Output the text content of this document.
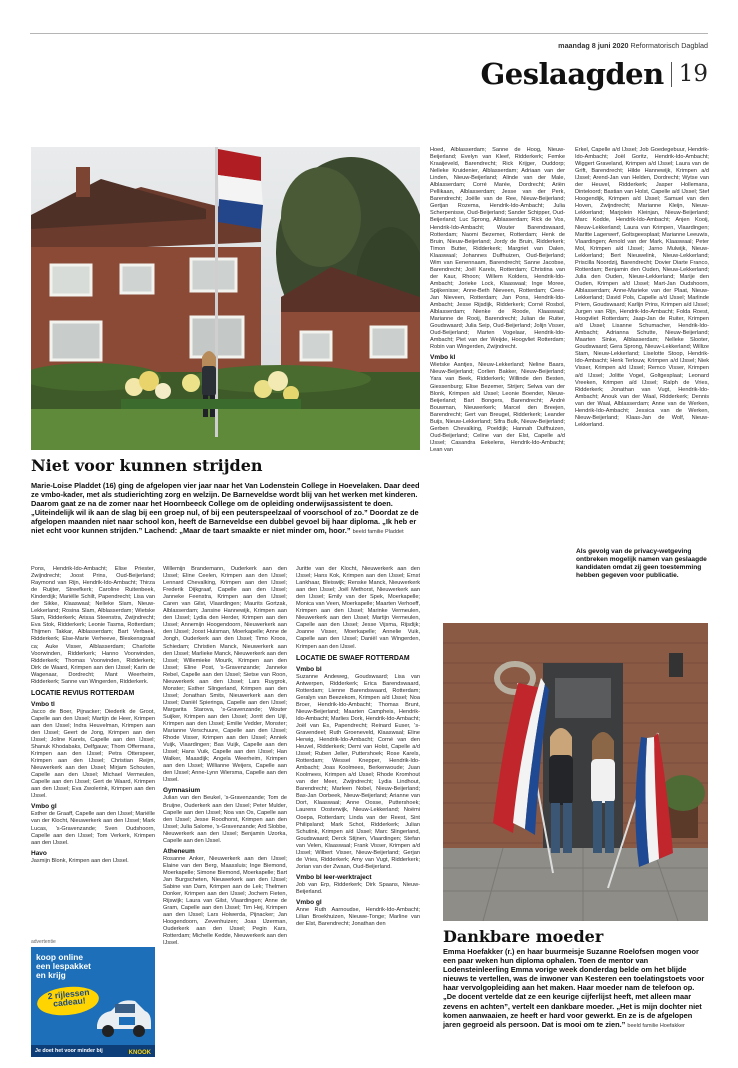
maandag 8 juni 2020 Reformatorisch Dagblad
Geslaagden 19
Niet voor kunnen strijden

Marie-Loise Pladdet (16) ging de afgelopen vier jaar naar het Van Lodenstein College in Hoevelaken. Daar deed ze vmbo-kader, met als studierichting zorg en welzijn. De Barneveldse wordt blij van het werken met kinderen. Daarom gaat ze na de zomer naar het Hoornbeeck College om de opleiding onderwijsassistent te doen. „Uiteindelijk wil ik aan de slag bij een groep nul, of bij een peuterspeelzaal of voorschool of zo.” Doordat ze de afgelopen maanden niet naar school kon, heeft de Barneveldse een dubbel gevoel bij haar diploma. „Ik heb er niet echt voor kunnen strijden.” Lachend: „Maar de taart smaakte er niet minder om, hoor.” beeld familie Pladdet

Pons, Hendrik-Ido-Ambacht; Elise Priester, Zwijndrecht; Joost Prins, Oud-Beijerland; Raymond van Rijn, Hendrik-Ido-Ambacht; Thirza de Ruijter, Streefkerk; Caroline Ruitenbeek, Kinderdijk; Mariëlle Schilt, Papendrecht; Lisa van der Sikke, Klaaswaal; Nelleke Slam, Nieuw-Lekkerland; Rosina Slam, Alblasserdam; Wietske Slam, Ridderkerk; Arissa Steenstra, Zwijndrecht; Eva Stok, Ridderkerk; Leonie Tasma, Rotterdam; Thijmen Takkar, Alblasserdam; Bart Verbaek, Ridderkerk; Else-Marie Verheeve, Bleskensgraaf ca; Auke Visser, Alblasserdam; Charlotte Voorwinden, Ridderkerk; Hanno Voorwinden, Ridderkerk; Thomas Voorwinden, Ridderkerk; Dirk de Waard, Krimpen aan den IJssel; Karin de Wagenaar, Dordrecht; Mant Weerheim, Ridderkerk; Sanne van Wingerden, Ridderkerk.

LOCATIE REVIUS ROTTERDAM
Vmbo tl

Jacco de Boer, Pijnacker; Diederik de Groot, Capelle aan den IJssel; Martijn de Heer, Krimpen aan den IJssel; Indra Heuvelman, Krimpen aan den IJssel; Geert de Jong, Krimpen aan den IJssel; Joline Karels, Capelle aan den IJssel; Shanuk Khodabaks, Delfgauw; Thom Offermans, Krimpen aan den IJssel; Petra Otterspeer, Krimpen aan den IJssel; Christian Reijm, Nieuwerkerk aan den IJssel; Mirjam Schouten, Capelle aan den IJssel; Michael Vermeulen, Capelle aan den IJssel; Gert de Waard, Krimpen aan den IJssel; Eva Zwolerink, Krimpen aan den IJssel.

Vmbo gl

Esther de Graaff, Capelle aan den IJssel; Mariëlle van der Klocht, Nieuwerkerk aan den IJssel; Mark Lucas, 's-Gravenzande; Sven Oudshoorn, Capelle aan den IJssel; Tom Verkerk, Krimpen aan den IJssel.

Havo

Jasmijn Blonk, Krimpen aan den IJssel.

advertentie
koop online een lespakket en krijg
2 rijlessen cadeau!
Je doet het voor minder bij	KNOOK

Willemijn Brandemann, Ouderkerk aan den IJssel; Eline Ceelen, Krimpen aan den IJssel; Lennard Chevalking, Krimpen aan den IJssel; Frederik Dijkgraaf, Capelle aan den IJssel; Janneke Feenstra, Krimpen aan den IJssel; Caren van Gilst, Vlaardingen; Maurits Gortzak, Alblasserdam; Jansine Hannewijk, Krimpen aan den IJssel; Lydia den Herder, Krimpen aan den IJssel; Annemijn Hoogendoorn, Nieuwerkerk aan den IJssel; Joost Huisman, Moerkapelle; Anne de Jongh, Ouderkerk aan den IJssel; Timo Kroos, Schiedam; Christien Manck, Nieuwerkerk aan den IJssel; Marlieke Manck, Nieuwerkerk aan den IJssel; Willemieke Mourik, Krimpen aan den IJssel; Eline Post, 's-Gravenzande; Janneke Rebel, Capelle aan den IJssel; Sietse van Roon, Nieuwerkerk aan den IJssel; Lars Ruygrok, Monster; Esther Slingerland, Krimpen aan den IJssel; Jonathan Smits, Nieuwerkerk aan den IJssel; Daniël Spieringa, Capelle aan den IJssel; Margarita Starova, 's-Gravenzande; Wouter Suijker, Krimpen aan den IJssel; Jorrit den Uijl, Krimpen aan den IJssel; Emilie Vedder, Monster; Marianne Verschuure, Capelle aan den IJssel; Rhode Visser, Krimpen aan den IJssel; Anniek Vuijk, Vlaardingen; Bas Vuijk, Capelle aan den IJssel; Hans Vuik, Capelle aan den IJssel; Han Walker, Maasdijk; Angela Weerheim, Krimpen aan den IJssel; Willianne Weijers, Capelle aan den IJssel; Anne-Lynn Wiersma, Capelle aan den IJssel.

Gymnasium

Julian van den Beukel, 's-Gravenzande; Tom de Bruijne, Ouderkerk aan den IJssel; Peter Mulder, Capelle aan den IJssel; Noa van Os, Capelle aan den IJssel; Jesse Roodhorst, Krimpen aan den IJssel; Julia Salome, 's-Gravenzande; Ard Slobbe, Nieuwerkerk aan den IJssel; Benjamin Uzorka, Capelle aan den IJssel.

Atheneum

Rosanne Anker, Nieuwerkerk aan den IJssel; Elaine van den Berg, Maassluis; Inge Biemond, Moerkapelle; Simone Biemond, Moerkapelle; Bart Jan Burgscheten, Nieuwerkerk aan den IJssel; Sabine van Dam, Krimpen aan de Lek; Thelmen Donker, Krimpen aan den IJssel; Jochem Fieten, Rijswijk; Laura van Gilst, Vlaardingen; Anne de Gram, Capelle aan den IJssel; Tim Hej, Krimpen aan den IJssel; Lars Holwerda, Pijnacker; Jan Hoogendoorn, Zevenhuizen; Joas IJzerman, Ouderkerk aan den IJssel; Pegin Kars, Rotterdam; Michelle Kedde, Nieuwerkerk aan den IJssel.

Juritte van der Klocht, Nieuwerkerk aan den IJssel; Hans Kok, Krimpen aan den IJssel; Ernst Lankhaar, Bleiswijk; Renske Manck, Nieuwerkerk aan den IJssel; Joël Methorst, Nieuwerkerk aan den IJssel; Emily van der Spek, Moerkapelle; Monica van Veen, Moerkapelle; Maarten Verhoeff, Krimpen aan den IJssel; Marinke Vermeulen, Nieuwerkerk aan den IJssel; Martijn Vermeulen, Capelle aan den IJssel; Jesse Vijsma, Rijsdijk; Joanne Visser, Moerkapelle; Annelie Vuik, Capelle aan den IJssel; Daniël van Wingerden, Krimpen aan den IJssel.

LOCATIE DE SWAEF ROTTERDAM
Vmbo bl

Suzanne Andeweg, Goudswaard; Lisa van Antwerpen, Ridderkerk; Erica Barendswaard, Rotterdam; Lienne Barendswaard, Rotterdam; Geralyn van Beezekom, Krimpen a/d IJssel; Noa Broer, Hendrik-Ido-Ambacht; Thomas Brunt, Nieuw-Beijerland; Maarten Campheis, Hendrik-Ido-Ambacht; Marlies Dork, Hendrik-Ido-Ambacht; Joël van Es, Papendrecht; Reinard Euser, 's-Gravendeel; Ruth Groeneveld, Klaaswaal; Eline Herwig, Hendrik-Ido-Ambacht; Corné van den Heuvel, Ridderkerk; Demi van Holst, Capelle a/d IJssel; Ruben Jelier, Puttershoek; Rose Karels, Rotterdam; Wessel Knepper, Hendrik-Ido-Ambacht; Joas Koolmees, Berkenwoude; Juan Koolmees, Krimpen a/d IJssel; Rhode Kromhout van der Meer, Zwijndrecht; Lydia Lindhout, Barendrecht; Marleen Nobel, Nieuw-Beijerland; Bas-Jan Oorbeek, Nieuw-Beijerland; Arianne van Dort, Klaaswaal; Anne Oosse, Puttershoek; Laurens Oosterwijk, Nieuw-Lekkerland; Noëmi Ooepa, Rotterdam; Linda van der Reest, Sint Philipsland; Mark Schot, Ridderkerk; Julian Schutink, Krimpen a/d IJssel; Marc Slingerland, Goudswaard; Derck Stijnen, Vlaardingen; Stefan van Velen, Klaaswaal; Frank Visser, Krimpen a/d IJssel; Wilbert Visser, Nieuw-Beijerland; Gerjan de Vries, Ridderkerk; Amy van Vugt, Ridderkerk; Jorian van der Zwaan, Oud-Beijerland.

Vmbo bl leer-werktraject

Job van Erp, Ridderkerk; Dirk Spaans, Nieuw-Beijerland.

Vmbo gl

Anne Ruth Aarnoudse, Hendrik-Ido-Ambacht; Lilian Broekhuizen, Nieuwe-Tonge; Marline van der Elst, Barendrecht; Jonathan den

Hoed, Alblasserdam; Sanne de Hoog, Nieuw-Beijerland; Evelyn van Kleef, Ridderkerk; Femke Kraaijeveld, Barendrecht; Rick Krijger, Ouddorp; Nelleke Kruidenier, Alblasserdam; Adriaan van der Linden, Nieuw-Beijerland; Alinde van der Male, Alblasserdam; Corré Marée, Dordrecht; Ariën Pellikaan, Alblasserdam; Jesse van der Perk, Barendrecht; Joëlle van de Ree, Nieuw-Beijerland; Gertjan Rozema, Hendrik-Ido-Ambacht; Julia Scherpenisse, Oud-Beijerland; Sander Schipper, Oud-Beijerland; Luc Sprong, Alblasserdam; Rick de Vos, Hendrik-Ido-Ambacht; Wouter Barendswaard, Rotterdam; Naomi Bezemer, Rotterdam; Henk de Bruin, Nieuw-Beijerland; Jordy de Bruin, Ridderkerk; Timon Butter, Ridderkerk; Margriet van Dalen, Klaaswaal; Johannes Dulfhuizen, Oud-Beijerland; Wim van Eenennaam, Barendrecht; Sanne Jacobse, Barendrecht; Joël Karels, Rotterdam; Christina van der Kaur, Rhoon; Willem Kolders, Hendrik-Ido-Ambacht; Jorieke Lock, Klaaswaal; Inge Moree, Spijkenisse; Anne-Beth Nieveen, Rotterdam; Cees-Jan Nieveen, Rotterdam; Jan Pons, Hendrik-Ido-Ambacht; Jesse Rijsdijk, Ridderkerk; Corné Rosbol, Alblasserdam; Nienke de Roode, Klaaswaal; Marianne de Rooij, Barendrecht; Julian de Ruiter, Goudswaard; Julia Seip, Oud-Beijerland; Jolijn Visser, Oud-Beijerland; Marten Vogelaar, Hendrik-Ido-Ambacht; Piet van der Weijde, Hoogvliet Rotterdam; Robin van Wingerden, Zwijndrecht.

Vmbo kl

Wietske Aantjes, Nieuw-Lekkerland; Neline Baars, Nieuw-Beijerland; Corlien Bakker, Nieuw-Beijerland; Yara van Beek, Ridderkerk; Willinde den Besten, Giessenburg; Elise Bezemer, Strijen; Selwa van der Blonk, Krimpen a/d IJssel; Leonie Boender, Nieuw-Beijerland; Bart Bongers, Barendrecht; André Bouwman, Nieuwerkerk; Marcel den Breejen, Barendrecht; Gert van Breugel, Ridderkerk; Leander Buijs, Nieuw-Lekkerland; Sifra Bulk, Nieuw-Beijerland; Gerben Chevalking, Poeldijk; Hannah Dulfhuizen, Oud-Beijerland; Celine van der Elst, Capelle a/d IJssel; Casandra Eekelens, Hendrik-Ido-Ambacht; Lean van

Erkel, Capelle a/d IJssel; Job Goedegebuur, Hendrik-Ido-Ambacht; Joël Goritz, Hendrik-Ido-Ambacht; Wiggert Graveland, Krimpen a/d IJssel; Laura van de Grift, Barendrecht; Hilde Hannewijk, Krimpen a/d IJssel; Arend-Jan van Helden, Dordrecht; Wytse van der Heuvel, Ridderkerk; Jasper Hollemans, Dinteloord; Bastian van Holst, Capelle a/d IJssel; Stef Hoogendijk, Krimpen a/d IJssel; Samuel van den Hoven, Zwijndrecht; Marianne Kleijn, Nieuw-Lekkerland; Marjolein Kleinjan, Nieuw-Beijerland; Marc Kodde, Hendrik-Ido-Ambacht; Anjen Kooij, Nieuw-Lekkerland; Laura van Krimpen, Vlaardingen; Maritte Lagerwerf, Goltsgeesplaat; Marianne Leeuwis, Vlaardingen; Arnold van der Mark, Klaaswaal; Peter Mol, Krimpen a/d IJssel; Jarno Mulwijk, Nieuw-Lekkerland; Bert Nieuwelink, Nieuw-Lekkerland; Priscilla Noordzij, Barendrecht; Dovier Diarte Franco, Rotterdam; Benjamin den Ouden, Nieuw-Lekkerland; Julia den Ouden, Nieuw-Lekkerland; Marije den Ouden, Krimpen a/d IJssel; Mart-Jan Oudshoorn, Alblasserdam; Anne-Marieke van der Plaat, Nieuw-Lekkerland; David Pols, Capelle a/d IJssel; Marlinde Priem, Goudswaard; Karlijn Prins, Krimpen a/d IJssel; Jurgen van Rijn, Hendrik-Ido-Ambacht; Folda Roest, Hoogvliet Rotterdam; Jaap-Jan de Ruiter, Krimpen a/d IJssel; Lisanne Schumacher, Hendrik-Ido-Ambacht; Adrianna Schutte, Nieuw-Beijerland; Maarten Sinke, Alblasserdam; Nelleke Slooter, Goudswaard; Gera Sprong, Nieuw-Lekkerland; Willize Stam, Nieuw-Lekkerland; Liselotte Stoop, Hendrik-Ido-Ambacht; Henk Terlouw, Krimpen a/d IJssel; Niek Visser, Krimpen a/d IJssel; Remco Visser, Krimpen a/d IJssel; Jolitte Vogel, Goltgesplaat; Leonard Vreeken, Krimpen a/d IJssel; Ralph de Vries, Ridderkerk; Jonathan van Vugt, Hendrik-Ido-Ambacht; Anouk van der Waal, Ridderkerk; Dennis van der Waal, Alblasserdam; Anne van de Werken, Hendrik-Ido-Ambacht; Jessica van de Werken, Nieuw-Beijerland; Klaas-Jan de Wolf, Nieuw-Lekkerland.

Als gevolg van de privacy-wetgeving ontbreken mogelijk namen van geslaagde kandidaten omdat zij geen toestemming hebben gegeven voor publicatie.
Dankbare moeder

Emma Hoefakker (r.) en haar buurmeisje Suzanne Roelofsen mogen voor een paar weken hun diploma ophalen. Toen de mentor van Lodensteinleerling Emma vorige week donderdag belde om het blijde nieuws te vertellen, was de inwoner van Kesteren een toelatingstoets voor haar vervolgopleiding aan het maken. Haar moeder nam de telefoon op. „De docent vertelde dat ze een keurige cijferlijst heeft, met alleen maar zevens en achten”, vertelt een dankbare moeder. „Het is mijn dochter niet komen aanwaaien, ze heeft er hard voor gewerkt. En ze is de afgelopen jaren gegroeid als persoon. Dat is mooi om te zien.” beeld familie Hoefakker
